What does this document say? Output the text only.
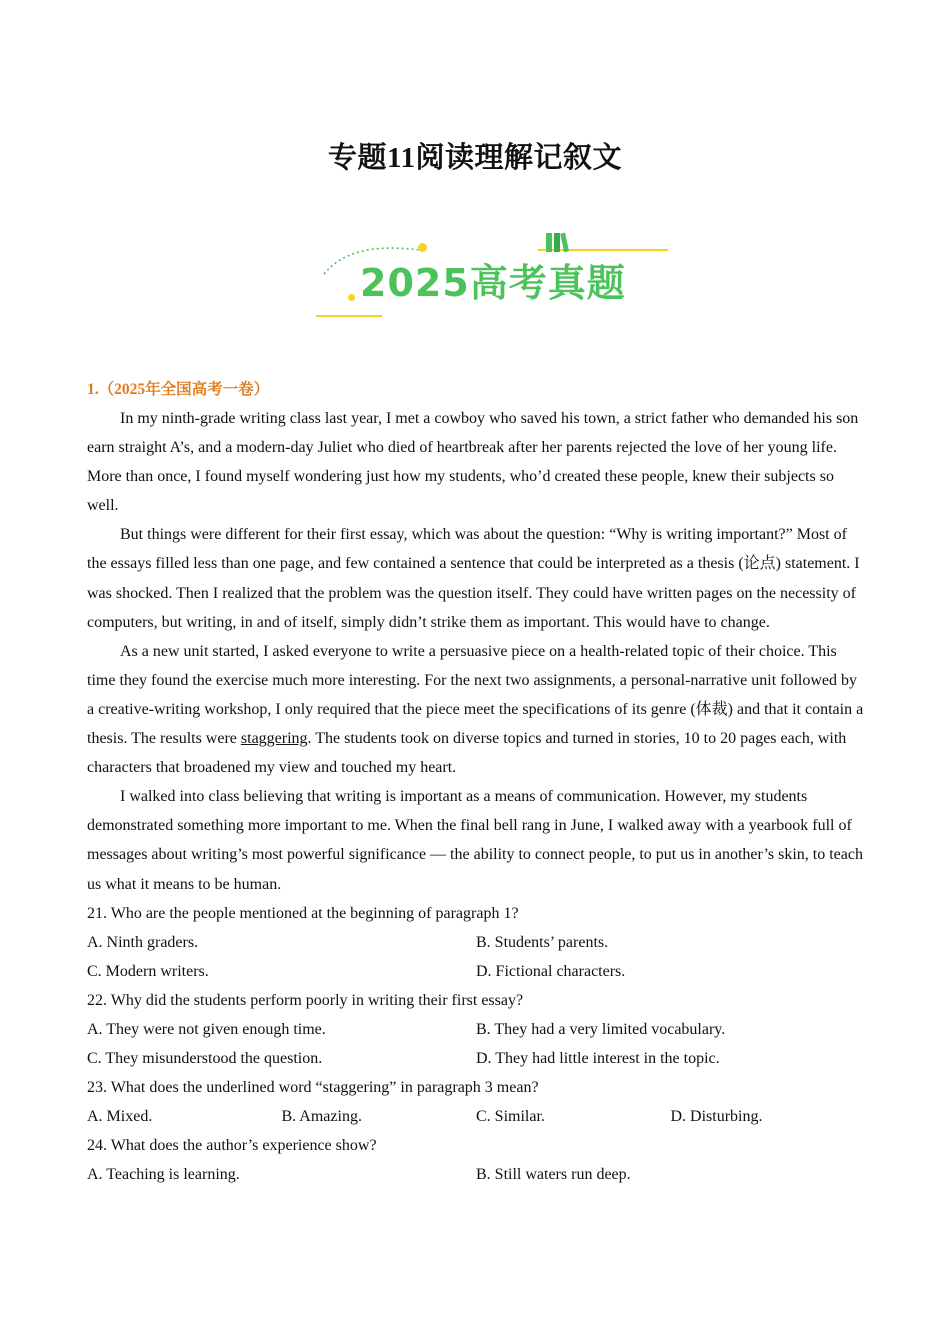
专题11阅读理解记叙文
2025高考真题
1.（2025年全国高考一卷）

In my ninth-grade writing class last year, I met a cowboy who saved his town, a strict father who demanded his son earn straight A’s, and a modern-day Juliet who died of heartbreak after her parents rejected the love of her young life. More than once, I found myself wondering just how my students, who’d created these people, knew their subjects so well.

But things were different for their first essay, which was about the question: “Why is writing important?” Most of the essays filled less than one page, and few contained a sentence that could be interpreted as a thesis (论点) statement. I was shocked. Then I realized that the problem was the question itself. They could have written pages on the necessity of computers, but writing, in and of itself, simply didn’t strike them as important. This would have to change.

As a new unit started, I asked everyone to write a persuasive piece on a health-related topic of their choice. This time they found the exercise much more interesting. For the next two assignments, a personal-narrative unit followed by a creative-writing workshop, I only required that the piece meet the specifications of its genre (体裁) and that it contain a thesis. The results were staggering. The students took on diverse topics and turned in stories, 10 to 20 pages each, with characters that broadened my view and touched my heart.

I walked into class believing that writing is important as a means of communication. However, my students demonstrated something more important to me. When the final bell rang in June, I walked away with a yearbook full of messages about writing’s most powerful significance — the ability to connect people, to put us in another’s skin, to teach us what it means to be human.

21. Who are the people mentioned at the beginning of paragraph 1?

A. Ninth graders.	B. Students’ parents.
C. Modern writers.	D. Fictional characters.

22. Why did the students perform poorly in writing their first essay?

A. They were not given enough time.	B. They had a very limited vocabulary.
C. They misunderstood the question.	D. They had little interest in the topic.

23. What does the underlined word “staggering” in paragraph 3 mean?

A. Mixed.	B. Amazing.	C. Similar.	D. Disturbing.

24. What does the author’s experience show?

A. Teaching is learning.	B. Still waters run deep.
